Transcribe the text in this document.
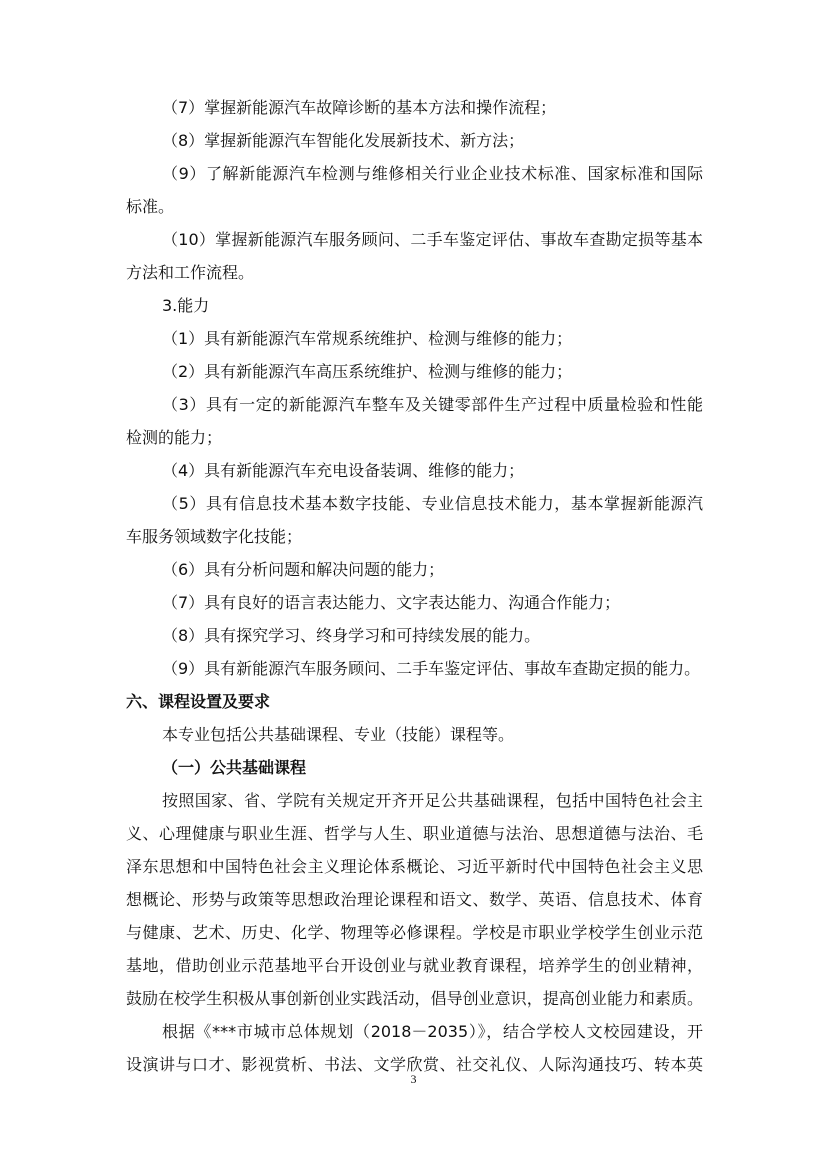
（7）掌握新能源汽车故障诊断的基本方法和操作流程；
（8）掌握新能源汽车智能化发展新技术、新方法；
（9）了解新能源汽车检测与维修相关行业企业技术标准、国家标准和国际
标准。
（10）掌握新能源汽车服务顾问、二手车鉴定评估、事故车查勘定损等基本
方法和工作流程。
3.能力
（1）具有新能源汽车常规系统维护、检测与维修的能力；
（2）具有新能源汽车高压系统维护、检测与维修的能力；
（3）具有一定的新能源汽车整车及关键零部件生产过程中质量检验和性能
检测的能力；
（4）具有新能源汽车充电设备装调、维修的能力；
（5）具有信息技术基本数字技能、专业信息技术能力，基本掌握新能源汽
车服务领域数字化技能；
（6）具有分析问题和解决问题的能力；
（7）具有良好的语言表达能力、文字表达能力、沟通合作能力；
（8）具有探究学习、终身学习和可持续发展的能力。
（9）具有新能源汽车服务顾问、二手车鉴定评估、事故车查勘定损的能力。
六、课程设置及要求
本专业包括公共基础课程、专业（技能）课程等。
（一）公共基础课程
按照国家、省、学院有关规定开齐开足公共基础课程，包括中国特色社会主
义、心理健康与职业生涯、哲学与人生、职业道德与法治、思想道德与法治、毛
泽东思想和中国特色社会主义理论体系概论、习近平新时代中国特色社会主义思
想概论、形势与政策等思想政治理论课程和语文、数学、英语、信息技术、体育
与健康、艺术、历史、化学、物理等必修课程。学校是市职业学校学生创业示范
基地，借助创业示范基地平台开设创业与就业教育课程，培养学生的创业精神，
鼓励在校学生积极从事创新创业实践活动，倡导创业意识，提高创业能力和素质。
根据《***市城市总体规划（2018－2035）》，结合学校人文校园建设，开
设演讲与口才、影视赏析、书法、文学欣赏、社交礼仪、人际沟通技巧、转本英
3
